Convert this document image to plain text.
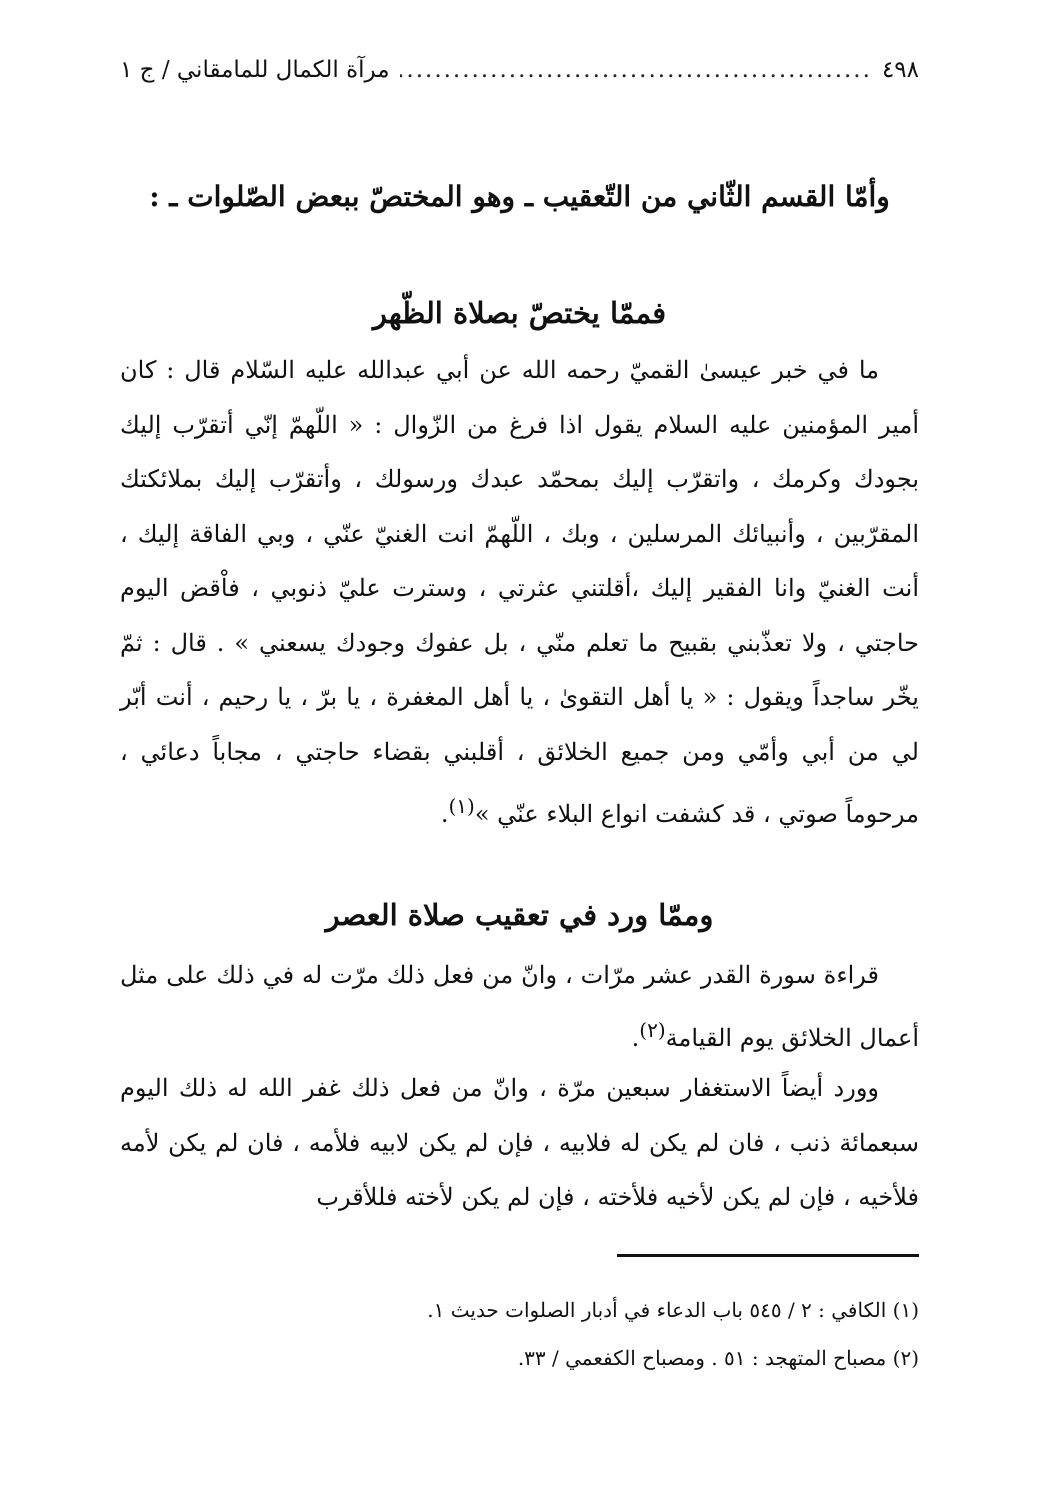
٤٩٨
.....
مرآة الكمال للمامقاني / ج ١
وأمّا القسم الثّاني من التّعقيب ـ وهو المختصّ ببعض الصّلوات ـ :
فممّا يختصّ بصلاة الظّهر

ما في خبر عيسىٰ القميّ رحمه الله عن أبي عبدالله عليه السّلام قال : كان أمير المؤمنين عليه السلام يقول اذا فرغ من الزّوال : « اللّهمّ إنّي أتقرّب إليك بجودك وكرمك ، واتقرّب إليك بمحمّد عبدك ورسولك ، وأتقرّب إليك بملائكتك المقرّبين ، وأنبيائك المرسلين ، وبك ، اللّهمّ انت الغنيّ عنّي ، وبي الفاقة إليك ، أنت الغنيّ وانا الفقير إليك ،أقلتني عثرتي ، وسترت عليّ ذنوبي ، فاْقض اليوم حاجتي ، ولا تعذّبني بقبيح ما تعلم منّي ، بل عفوك وجودك يسعني » . قال : ثمّ يخّر ساجداً ويقول : « يا أهل التقوىٰ ، يا أهل المغفرة ، يا برّ ، يا رحيم ، أنت أبّر لي من أبي وأمّي ومن جميع الخلائق ، أقلبني بقضاء حاجتي ، مجاباً دعائي ، مرحوماً صوتي ، قد كشفت انواع البلاء عنّي »$^{(١)}$.

وممّا ورد في تعقيب صلاة العصر

قراءة سورة القدر عشر مرّات ، وانّ من فعل ذلك مرّت له في ذلك على مثل أعمال الخلائق يوم القيامة$^{(٢)}$.

وورد أيضاً الاستغفار سبعين مرّة ، وانّ من فعل ذلك غفر الله له ذلك اليوم سبعمائة ذنب ، فان لم يكن له فلابيه ، فإن لم يكن لابيه فلأمه ، فان لم يكن لأمه فلأخيه ، فإن لم يكن لأخيه فلأخته ، فإن لم يكن لأخته فللأقرب

(١) الكافي : ٢ / ٥٤٥ باب الدعاء في أدبار الصلوات حديث ١.

(٢) مصباح المتهجد : ٥١ . ومصباح الكفعمي / ٣٣.
